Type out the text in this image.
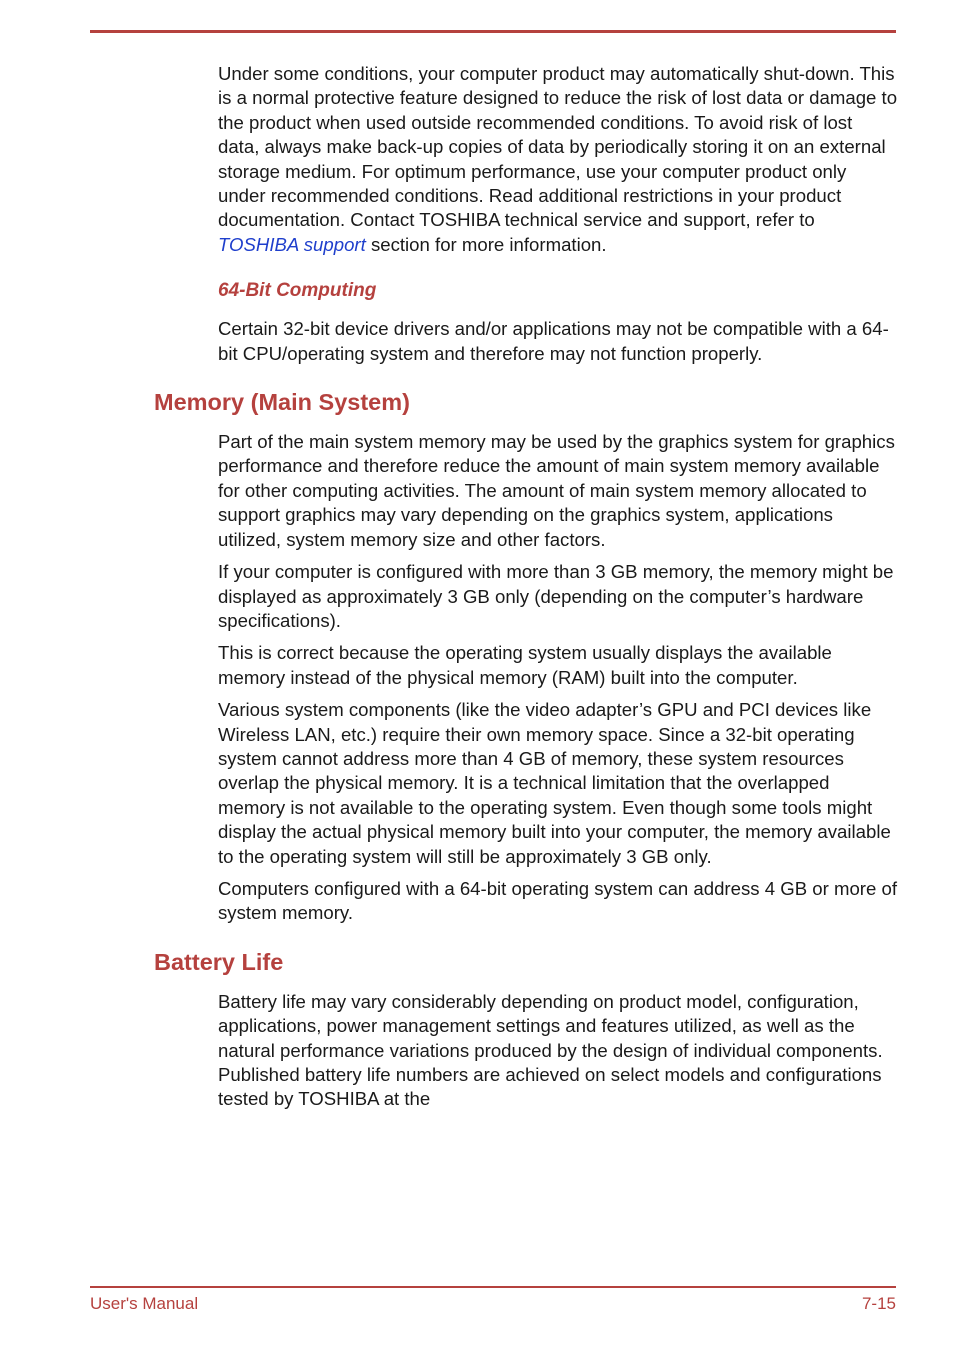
Under some conditions, your computer product may automatically shut-down. This is a normal protective feature designed to reduce the risk of lost data or damage to the product when used outside recommended conditions. To avoid risk of lost data, always make back-up copies of data by periodically storing it on an external storage medium. For optimum performance, use your computer product only under recommended conditions. Read additional restrictions in your product documentation. Contact TOSHIBA technical service and support, refer to TOSHIBA support section for more information.

64-Bit Computing

Certain 32-bit device drivers and/or applications may not be compatible with a 64-bit CPU/operating system and therefore may not function properly.

Memory (Main System)

Part of the main system memory may be used by the graphics system for graphics performance and therefore reduce the amount of main system memory available for other computing activities. The amount of main system memory allocated to support graphics may vary depending on the graphics system, applications utilized, system memory size and other factors.

If your computer is configured with more than 3 GB memory, the memory might be displayed as approximately 3 GB only (depending on the computer’s hardware specifications).

This is correct because the operating system usually displays the available memory instead of the physical memory (RAM) built into the computer.

Various system components (like the video adapter’s GPU and PCI devices like Wireless LAN, etc.) require their own memory space. Since a 32-bit operating system cannot address more than 4 GB of memory, these system resources overlap the physical memory. It is a technical limitation that the overlapped memory is not available to the operating system. Even though some tools might display the actual physical memory built into your computer, the memory available to the operating system will still be approximately 3 GB only.

Computers configured with a 64-bit operating system can address 4 GB or more of system memory.

Battery Life

Battery life may vary considerably depending on product model, configuration, applications, power management settings and features utilized, as well as the natural performance variations produced by the design of individual components. Published battery life numbers are achieved on select models and configurations tested by TOSHIBA at the

User's Manual	7-15
